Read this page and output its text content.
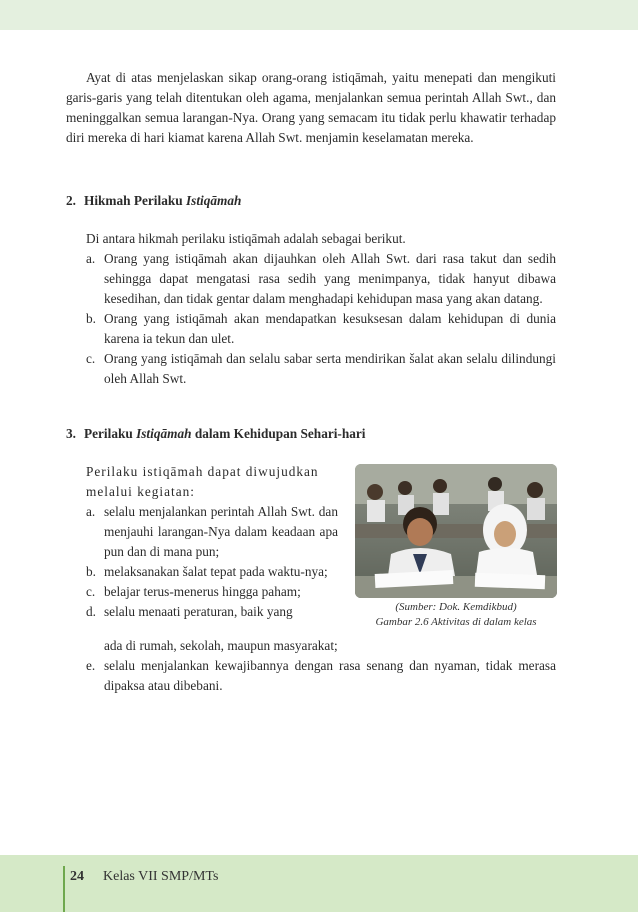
Ayat di atas menjelaskan sikap orang-orang istiqāmah, yaitu menepati dan mengikuti garis-garis yang telah ditentukan oleh agama, menjalankan semua perintah Allah Swt., dan meninggalkan semua larangan-Nya. Orang yang semacam itu tidak perlu khawatir terhadap diri mereka di hari kiamat karena Allah Swt. menjamin keselamatan mereka.

2. Hikmah Perilaku Istiqāmah

Di antara hikmah perilaku istiqāmah adalah sebagai berikut.

a. Orang yang istiqāmah akan dijauhkan oleh Allah Swt. dari rasa takut dan sedih sehingga dapat mengatasi rasa sedih yang menimpanya, tidak hanyut dibawa kesedihan, dan tidak gentar dalam menghadapi kehidupan masa yang akan datang.
b. Orang yang istiqāmah akan mendapatkan kesuksesan dalam kehidupan di dunia karena ia tekun dan ulet.
c. Orang yang istiqāmah dan selalu sabar serta mendirikan šalat akan selalu dilindungi oleh Allah Swt.

3. Perilaku Istiqāmah dalam Kehidupan Sehari-hari

Perilaku istiqāmah dapat diwujudkan melalui kegiatan:

a. selalu menjalankan perintah Allah Swt. dan menjauhi larangan-Nya dalam keadaan apa pun dan di mana pun;
b. melaksanakan šalat tepat pada waktu-nya;
c. belajar terus-menerus hingga paham;
d. selalu menaati peraturan, baik yang
ada di rumah, sekolah, maupun masyarakat;
e. selalu menjalankan kewajibannya dengan rasa senang dan nyaman, tidak merasa dipaksa atau dibebani.
(Sumber: Dok. Kemdikbud)
Gambar 2.6 Aktivitas di dalam kelas
24 Kelas VII SMP/MTs
